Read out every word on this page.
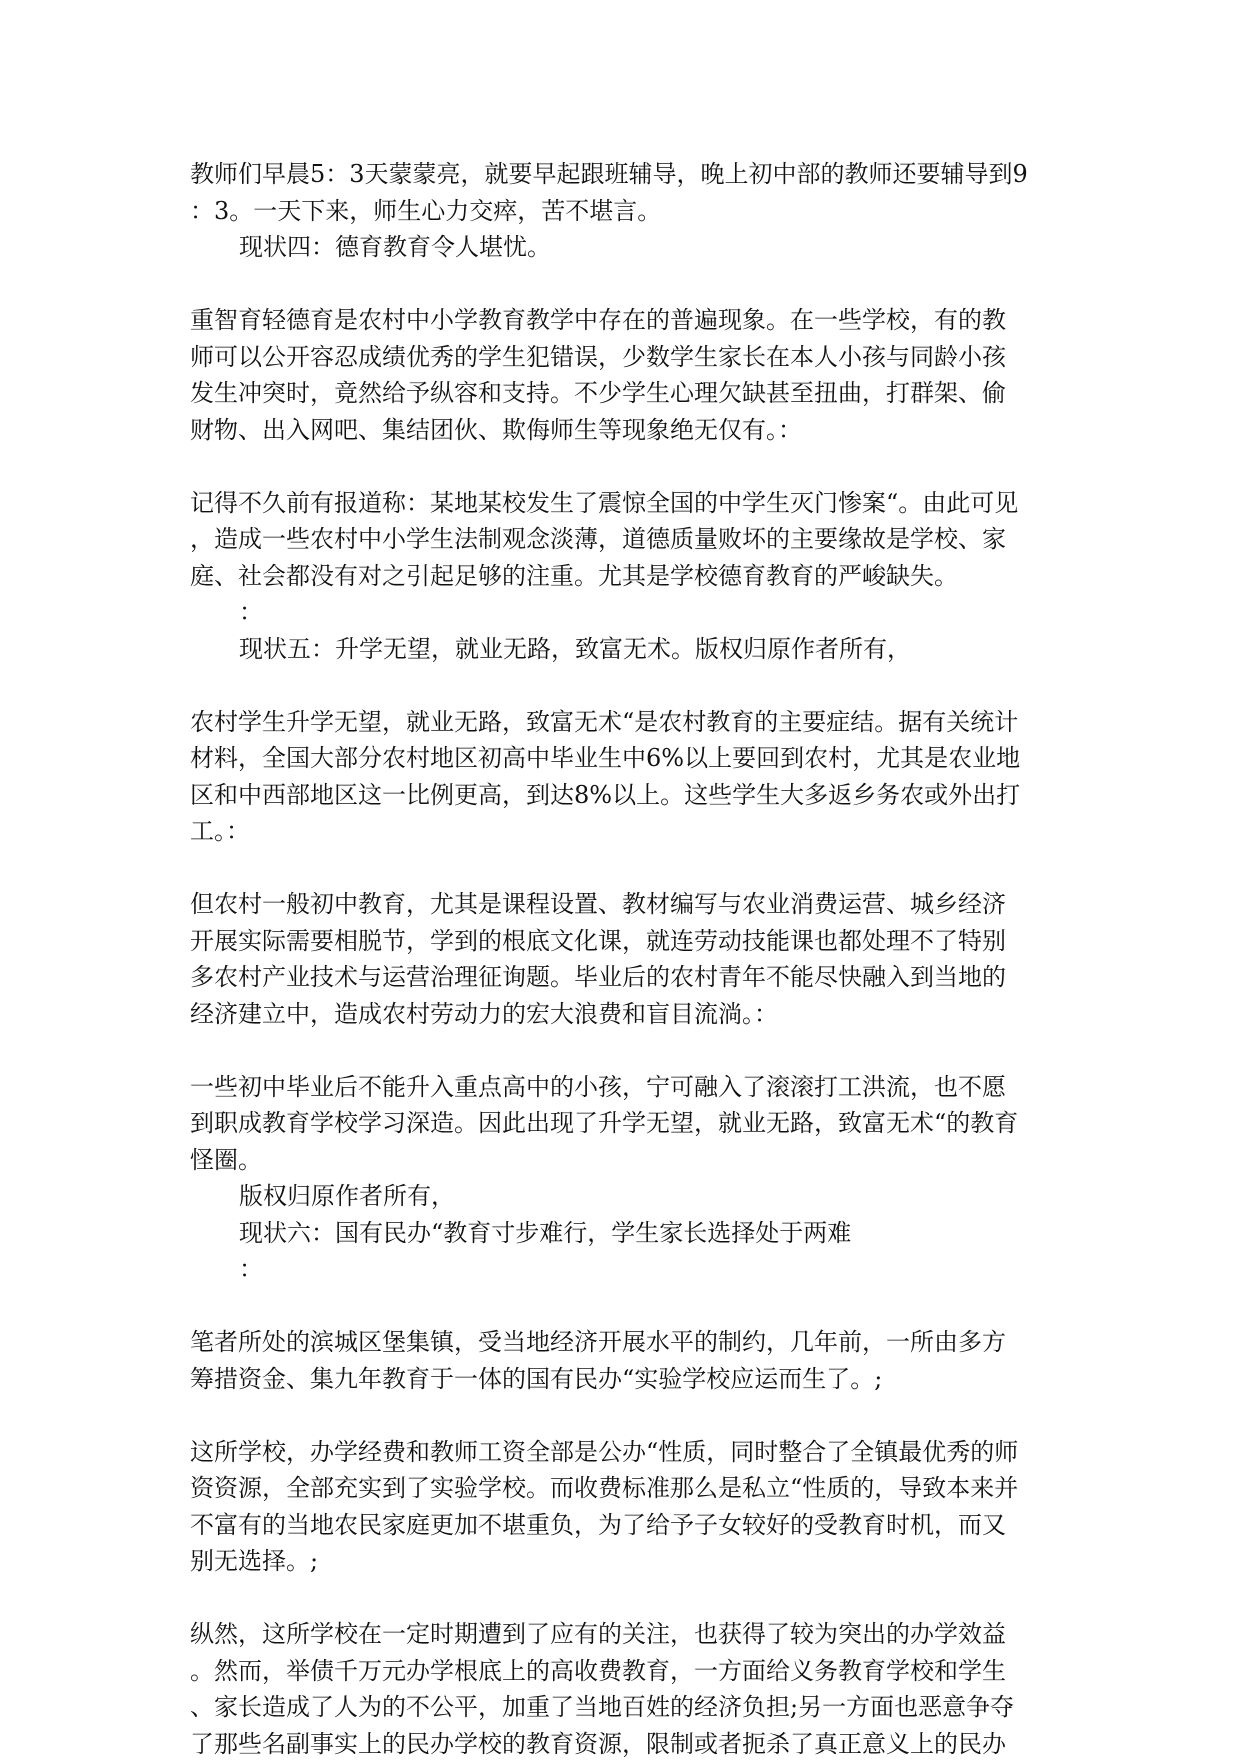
教师们早晨5：3天蒙蒙亮，就要早起跟班辅导，晚上初中部的教师还要辅导到9
：3。一天下来，师生心力交瘁，苦不堪言。
现状四：德育教育令人堪忧。
重智育轻德育是农村中小学教育教学中存在的普遍现象。在一些学校，有的教
师可以公开容忍成绩优秀的学生犯错误，少数学生家长在本人小孩与同龄小孩
发生冲突时，竟然给予纵容和支持。不少学生心理欠缺甚至扭曲，打群架、偷
财物、出入网吧、集结团伙、欺侮师生等现象绝无仅有。：
记得不久前有报道称：某地某校发生了震惊全国的中学生灭门惨案“。由此可见
，造成一些农村中小学生法制观念淡薄，道德质量败坏的主要缘故是学校、家
庭、社会都没有对之引起足够的注重。尤其是学校德育教育的严峻缺失。
：
现状五：升学无望，就业无路，致富无术。版权归原作者所有，
农村学生升学无望，就业无路，致富无术“是农村教育的主要症结。据有关统计
材料，全国大部分农村地区初高中毕业生中6%以上要回到农村，尤其是农业地
区和中西部地区这一比例更高，到达8%以上。这些学生大多返乡务农或外出打
工。：
但农村一般初中教育，尤其是课程设置、教材编写与农业消费运营、城乡经济
开展实际需要相脱节，学到的根底文化课，就连劳动技能课也都处理不了特别
多农村产业技术与运营治理征询题。毕业后的农村青年不能尽快融入到当地的
经济建立中，造成农村劳动力的宏大浪费和盲目流淌。：
一些初中毕业后不能升入重点高中的小孩，宁可融入了滚滚打工洪流，也不愿
到职成教育学校学习深造。因此出现了升学无望，就业无路，致富无术“的教育
怪圈。
版权归原作者所有，
现状六：国有民办“教育寸步难行，学生家长选择处于两难
：
笔者所处的滨城区堡集镇，受当地经济开展水平的制约，几年前，一所由多方
筹措资金、集九年教育于一体的国有民办“实验学校应运而生了。;
这所学校，办学经费和教师工资全部是公办“性质，同时整合了全镇最优秀的师
资资源，全部充实到了实验学校。而收费标准那么是私立“性质的，导致本来并
不富有的当地农民家庭更加不堪重负，为了给予子女较好的受教育时机，而又
别无选择。;
纵然，这所学校在一定时期遭到了应有的关注，也获得了较为突出的办学效益
。然而，举债千万元办学根底上的高收费教育，一方面给义务教育学校和学生
、家长造成了人为的不公平，加重了当地百姓的经济负担;另一方面也恶意争夺
了那些名副事实上的民办学校的教育资源，限制或者扼杀了真正意义上的民办
